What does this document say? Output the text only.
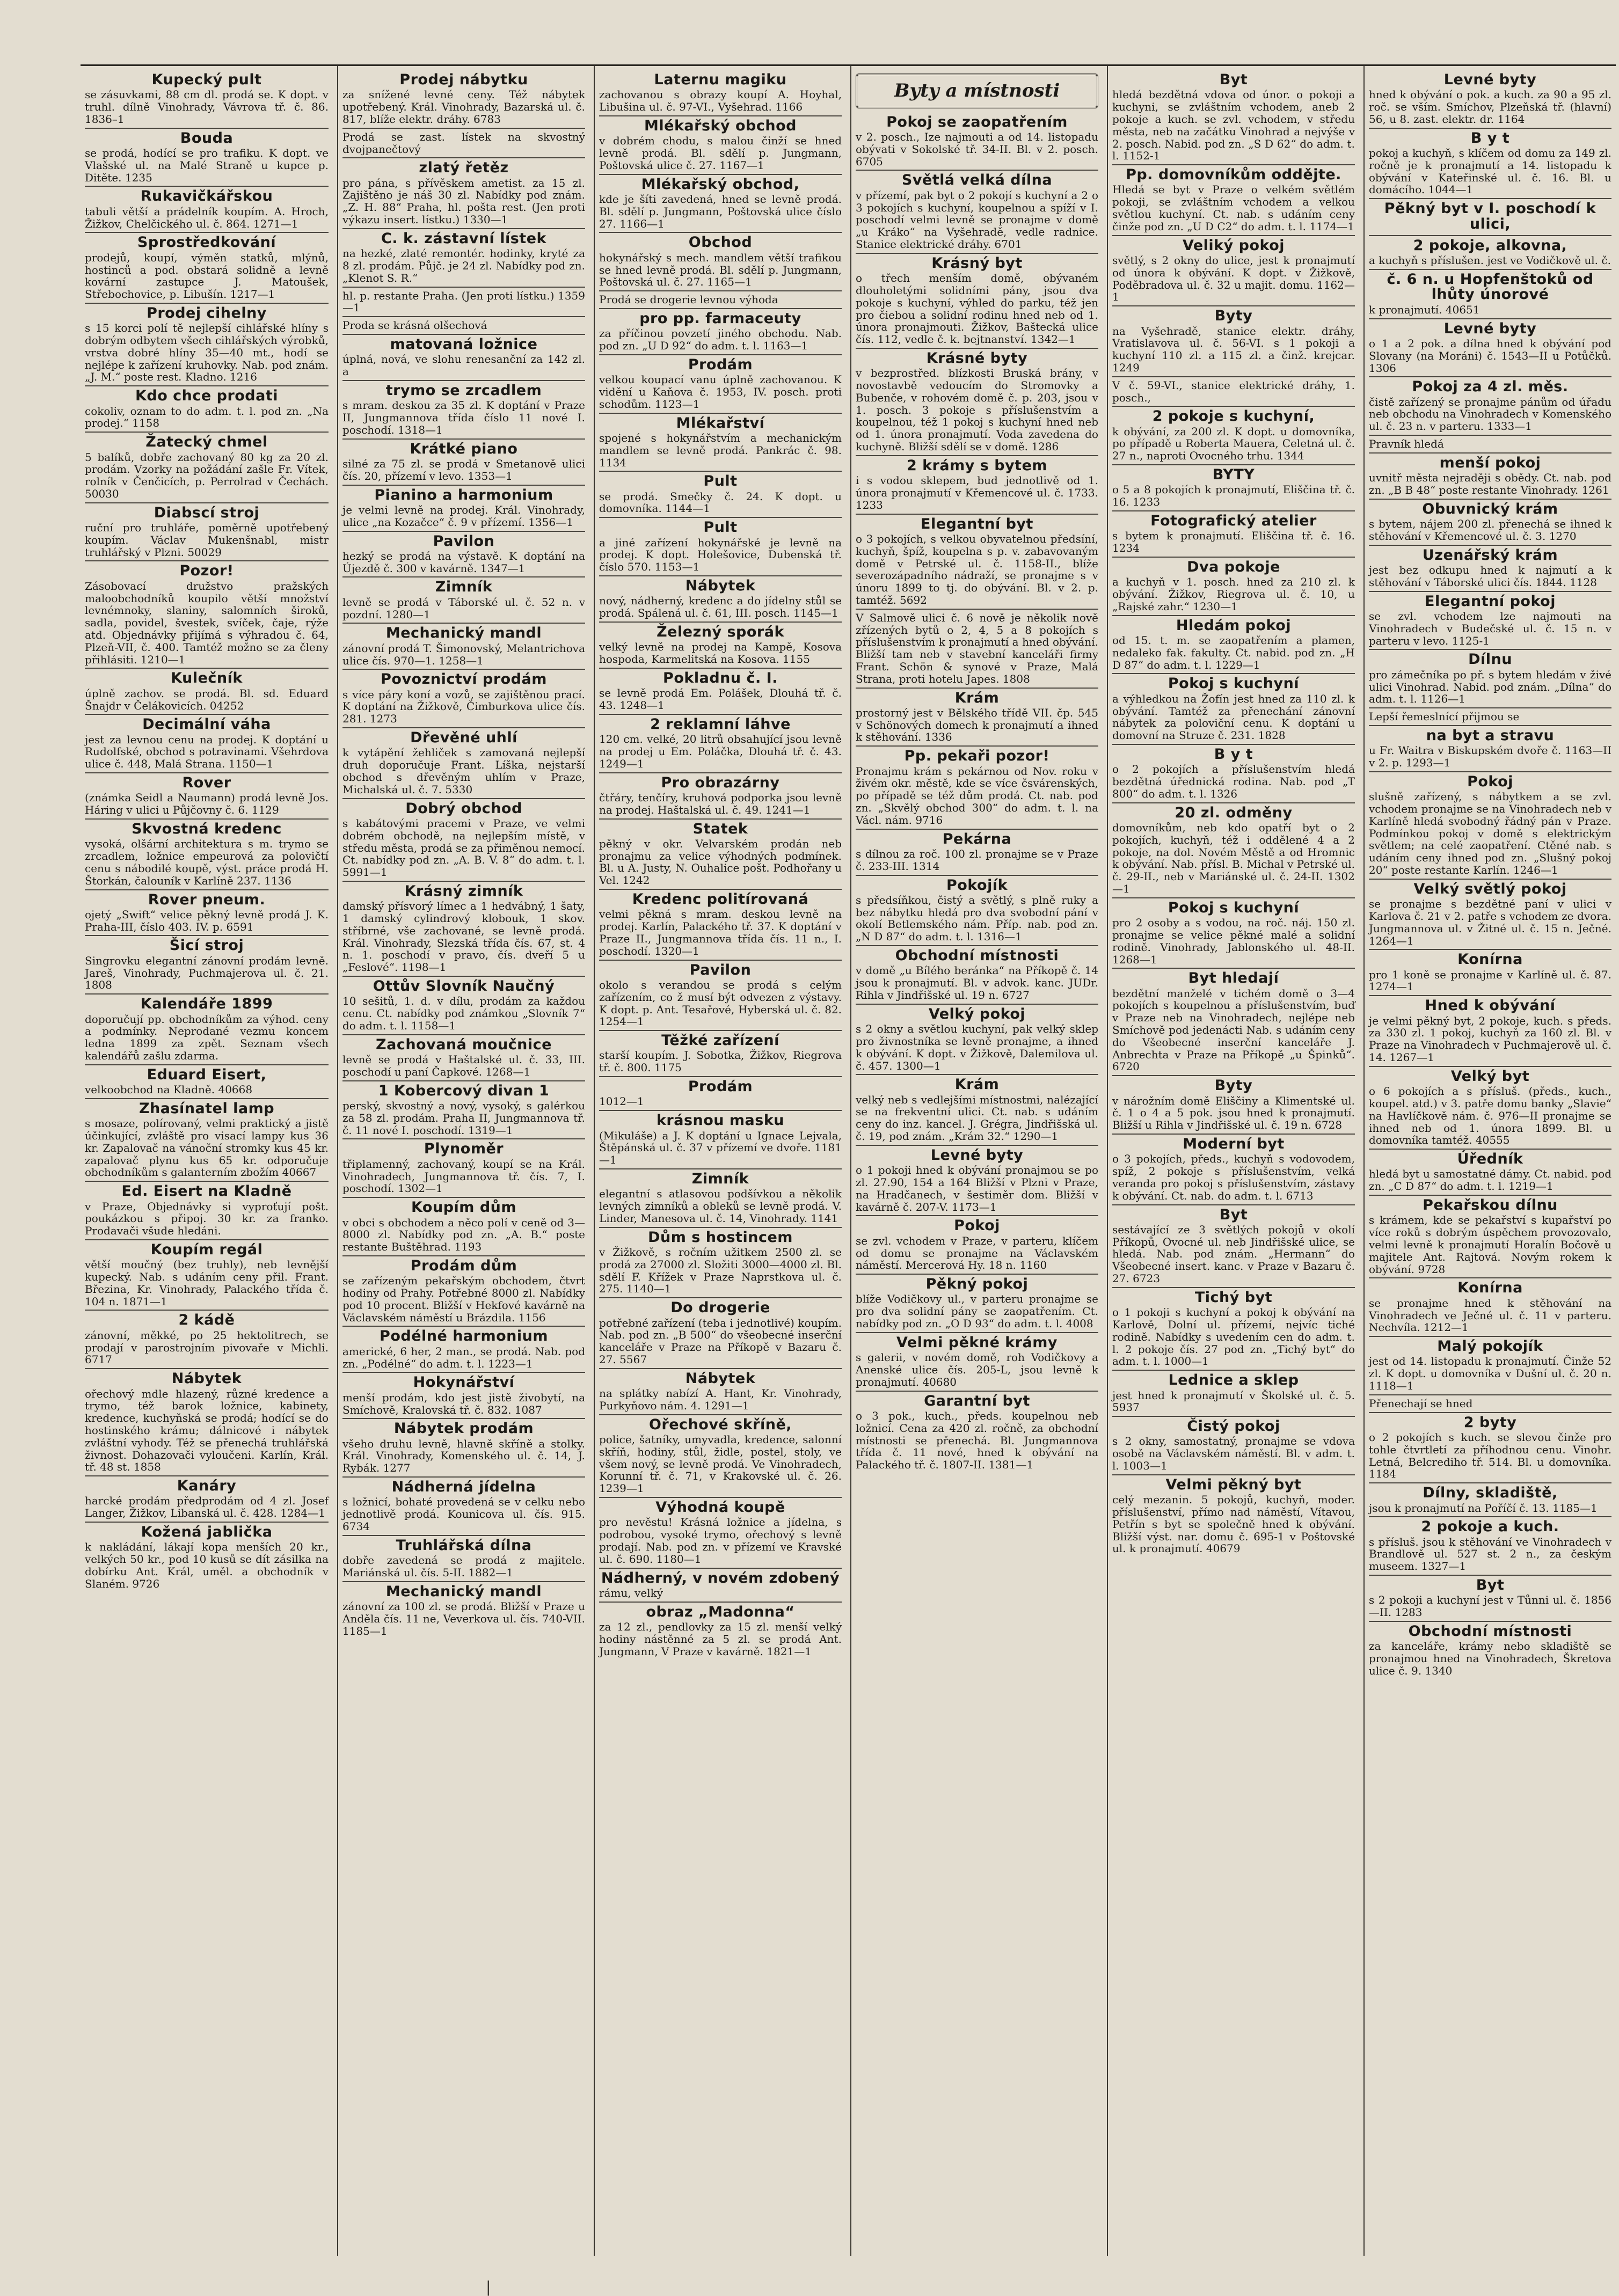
Kupecký pult

se zásuvkami, 88 cm dl. prodá se. K dopt. v truhl. dílně Vinohrady, Vávrova tř. č. 86. 1836–1

Bouda

se prodá, hodící se pro trafiku. K dopt. ve Vlašské ul. na Malé Straně u kupce p. Ditěte. 1235

Rukavičkářskou

tabuli větší a prádelník koupím. A. Hroch, Žižkov, Chelčického ul. č. 864. 1271—1

Sprostředkování

prodejů, koupí, výměn statků, mlýnů, hostinců a pod. obstará solidně a levně kovární zastupce J. Matoušek, Střebochovice, p. Libušín. 1217—1

Prodej cihelny

s 15 korci polí tě nejlepší cihlářské hlíny s dobrým odbytem všech cihlářských výrobků, vrstva dobré hlíny 35—40 mt., hodí se nejlépe k zařízení kruhovky. Nab. pod znám. „J. M.“ poste rest. Kladno. 1216

Kdo chce prodati

cokoliv, oznam to do adm. t. l. pod zn. „Na prodej.“ 1158

Žatecký chmel

5 balíků, dobře zachovaný 80 kg za 20 zl. prodám. Vzorky na požádání zašle Fr. Vítek, rolník v Čenčicích, p. Perrolrad v Čechách. 50030

Diabscí stroj

ruční pro truhláře, poměrně upotřebený koupím. Václav Mukenšnabl, mistr truhlářský v Plzni. 50029

Pozor!

Zásobovací družstvo pražských maloobchodníků koupilo větší množství levnémnoky, slaniny, salomních široků, sadla, povidel, švestek, svíček, čaje, rýže atd. Objednávky přijímá s výhradou č. 64, Plzeň-VII, č. 400. Tamtéž možno se za členy přihlásiti. 1210—1

Kulečník

úplně zachov. se prodá. Bl. sd. Eduard Šnajdr v Čelákovicích. 04252

Decimální váha

jest za levnou cenu na prodej. K doptání u Rudolfské, obchod s potravinami. Všehrdova ulice č. 448, Malá Strana. 1150—1

Rover

(známka Seidl a Naumann) prodá levně Jos. Háring v ulici u Půjčovny č. 6. 1129

Skvostná kredenc

vysoká, olšární architektura s m. trymo se zrcadlem, ložnice empeurová za polovičtí cenu s nábodilé koupě, výst. práce prodá H. Štorkán, čalouník v Karlíně 237. 1136

Rover pneum.

ojetý „Swift“ velice pěkný levně prodá J. K. Praha-III, číslo 403. IV. p. 6591

Šicí stroj

Singrovku elegantní zánovní prodám levně. Jareš, Vinohrady, Puchmajerova ul. č. 21. 1808

Kalendáře 1899

doporučují pp. obchodníkům za výhod. ceny a podmínky. Neprodané vezmu koncem ledna 1899 za zpět. Seznam všech kalendářů zašlu zdarma.

Eduard Eisert,

velkoobchod na Kladně. 40668

Zhasínatel lamp

s mosaze, polírovaný, velmi praktický a jistě účinkující, zvláště pro visací lampy kus 36 kr. Zapalovač na vánoční stromky kus 45 kr. zapalovač plynu kus 65 kr. odporučuje obchodníkům s galanterním zbožím 40667

Ed. Eisert na Kladně

v Praze, Objednávky si vyproťují pošt. poukázkou s připoj. 30 kr. za franko. Prodavači všude hledáni.

Koupím regál

větší moučný (bez truhly), neb levnější kupecký. Nab. s udáním ceny přil. Frant. Březina, Kr. Vinohrady, Palackého třída č. 104 n. 1871—1

2 kádě

zánovní, měkké, po 25 hektolitrech, se prodají v parostrojním pivovaře v Michli. 6717

Nábytek

ořechový mdle hlazený, různé kredence a trymo, též barok ložnice, kabinety, kredence, kuchyňská se prodá; hodící se do hostinského krámu; dálnicové i nábytek zvláštní vyhody. Též se přenechá truhlářská živnost. Dohazovači vyloučeni. Karlín, Král. tř. 48 st. 1858

Kanáry

harcké prodám předprodám od 4 zl. Josef Langer, Žižkov, Libanská ul. č. 428. 1284—1

Kožená jablička

k nakládání, lákají kopa menších 20 kr., velkých 50 kr., pod 10 kusů se dít zásilka na dobírku Ant. Král, uměl. a obchodník v Slaném. 9726

Prodej nábytku

za snížené levné ceny. Též nábytek upotřebený. Král. Vinohrady, Bazarská ul. č. 817, blíže elektr. dráhy. 6783

Prodá se zast. lístek na skvostný dvojpanečtový

zlatý řetěz

pro pána, s přívěskem ametist. za 15 zl. Zajištěno je náš 30 zl. Nabídky pod znám. „Z. H. 88“ Praha, hl. pošta rest. (Jen proti výkazu insert. lístku.) 1330—1

C. k. zástavní lístek

na hezké, zlaté remontér. hodinky, kryté za 8 zl. prodám. Půjč. je 24 zl. Nabídky pod zn. „Klenot S. R.“

hl. p. restante Praha. (Jen proti lístku.) 1359—1

Proda se krásná olšechová

matovaná ložnice

úplná, nová, ve slohu renesanční za 142 zl. a

trymo se zrcadlem

s mram. deskou za 35 zl. K doptání v Praze II, Jungmannova třída číslo 11 nové I. poschodí. 1318—1

Krátké piano

silné za 75 zl. se prodá v Smetanově ulici čís. 20, přízemí v levo. 1353—1

Pianino a harmonium

je velmi levně na prodej. Král. Vinohrady, ulice „na Kozačce“ č. 9 v přízemí. 1356—1

Pavilon

hezký se prodá na výstavě. K doptání na Újezdě č. 300 v kavárně. 1347—1

Zimník

levně se prodá v Táborské ul. č. 52 n. v pozdní. 1280—1

Mechanický mandl

zánovní prodá T. Šimonovský, Melantrichova ulice čís. 970—1. 1258—1

Povoznictví prodám

s více páry koní a vozů, se zajištěnou prací. K doptání na Žižkově, Čimburkova ulice čís. 281. 1273

Dřevěné uhlí

k vytápění žehliček s zamovaná nejlepší druh doporučuje Frant. Líška, nejstarší obchod s dřevěným uhlím v Praze, Michalská ul. č. 7. 5330

Dobrý obchod

s kabátovými pracemi v Praze, ve velmi dobrém obchodě, na nejlepším místě, v středu města, prodá se za přiměnou nemocí. Ct. nabídky pod zn. „A. B. V. 8“ do adm. t. l. 5991—1

Krásný zimník

damský přísvorý límec a 1 hedvábný, 1 šaty, 1 damský cylindrový klobouk, 1 skov. stříbrné, vše zachované, se levně prodá. Král. Vinohrady, Slezská třída čís. 67, st. 4 n. 1. poschodí v pravo, čís. dveří 5 u „Feslové“. 1198—1

Ottův Slovník Naučný

10 sešitů, 1. d. v dílu, prodám za každou cenu. Ct. nabídky pod známkou „Slovník 7“ do adm. t. l. 1158—1

Zachovaná moučnice

levně se prodá v Haštalské ul. č. 33, III. poschodí u paní Čapkové. 1268—1

1 Kobercový divan 1

perský, skvostný a nový, vysoký, s galérkou za 58 zl. prodám. Praha II, Jungmannova tř. č. 11 nové I. poschodí. 1319—1

Plynoměr

třiplamenný, zachovaný, koupí se na Král. Vinohradech, Jungmannova tř. čís. 7, I. poschodí. 1302—1

Koupím dům

v obci s obchodem a něco polí v ceně od 3—8000 zl. Nabídky pod zn. „A. B.“ poste restante Buštěhrad. 1193

Prodám dům

se zařízeným pekařským obchodem, čtvrt hodiny od Prahy. Potřebné 8000 zl. Nabídky pod 10 procent. Bližší v Hekfové kavárně na Václavském náměstí u Brázdila. 1156

Podélné harmonium

americké, 6 her, 2 man., se prodá. Nab. pod zn. „Podélné“ do adm. t. l. 1223—1

Hokynářství

menší prodám, kdo jest jistě živobytí, na Smíchově, Kralovská tř. č. 832. 1087

Nábytek prodám

všeho druhu levně, hlavně skříně a stolky. Král. Vinohrady, Komenského ul. č. 14, J. Rybák. 1277

Nádherná jídelna

s ložnicí, bohaté provedená se v celku nebo jednotlivě prodá. Kounicova ul. čís. 915. 6734

Truhlářská dílna

dobře zavedená se prodá z majitele. Mariánská ul. čís. 5-II. 1882—1

Mechanický mandl

zánovní za 100 zl. se prodá. Bližší v Praze u Anděla čís. 11 ne, Veverkova ul. čís. 740-VII. 1185—1

Laternu magiku

zachovanou s obrazy koupí A. Hoyhal, Libušina ul. č. 97-VI., Vyšehrad. 1166

Mlékařský obchod

v dobrém chodu, s malou činží se hned levně prodá. Bl. sdělí p. Jungmann, Poštovská ulice č. 27. 1167—1

Mlékařský obchod,

kde je šíti zavedená, hned se levně prodá. Bl. sdělí p. Jungmann, Poštovská ulice číslo 27. 1166—1

Obchod

hokynářský s mech. mandlem větší trafikou se hned levně prodá. Bl. sdělí p. Jungmann, Poštovská ul. č. 27. 1165—1

Prodá se drogerie levnou výhoda

pro pp. farmaceuty

za příčinou povzetí jiného obchodu. Nab. pod zn. „U D 92“ do adm. t. l. 1163—1

Prodám

velkou koupací vanu úplně zachovanou. K vidění u Kaňova č. 1953, IV. posch. proti schodům. 1123—1

Mlékařství

spojené s hokynářstvím a mechanickým mandlem se levně prodá. Pankrác č. 98. 1134

Pult

se prodá. Smečky č. 24. K dopt. u domovníka. 1144—1

Pult

a jiné zařízení hokynářské je levně na prodej. K dopt. Holešovice, Dubenská tř. číslo 570. 1153—1

Nábytek

nový, nádherný, kredenc a do jídelny stůl se prodá. Spálená ul. č. 61, III. posch. 1145—1

Železný sporák

velký levně na prodej na Kampě, Kosova hospoda, Karmelitská na Kosova. 1155

Pokladnu č. I.

se levně prodá Em. Polášek, Dlouhá tř. č. 43. 1248—1

2 reklamní láhve

120 cm. velké, 20 litrů obsahující jsou levně na prodej u Em. Poláčka, Dlouhá tř. č. 43. 1249—1

Pro obrazárny

čtřáry, tenčíry, kruhová podporka jsou levně na prodej. Haštalská ul. č. 49. 1241—1

Statek

pěkný v okr. Velvarském prodán neb pronajmu za velice výhodných podmínek. Bl. u A. Justy, N. Ouhalice pošt. Podhořany u Vel. 1242

Kredenc politírovaná

velmi pěkná s mram. deskou levně na prodej. Karlín, Palackého tř. 37. K doptání v Praze II., Jungmannova třída čís. 11 n., I. poschodí. 1320—1

Pavilon

okolo s verandou se prodá s celým zařízením, co ž musí být odvezen z výstavy. K dopt. p. Ant. Tesařové, Hyberská ul. č. 82. 1254—1

Těžké zařízení

starší koupím. J. Sobotka, Žižkov, Riegrova tř. č. 800. 1175

Prodám

1012—1

krásnou masku

(Mikuláše) a J. K doptání u Ignace Lejvala, Štěpánská ul. č. 37 v přízemí ve dvoře. 1181—1

Zimník

elegantní s atlasovou podšívkou a několik levných zimníků a obleků se levně prodá. V. Linder, Manesova ul. č. 14, Vinohrady. 1141

Dům s hostincem

v Žižkově, s ročním užitkem 2500 zl. se prodá za 27000 zl. Složiti 3000—4000 zl. Bl. sdělí F. Křížek v Praze Naprstkova ul. č. 275. 1140—1

Do drogerie

potřebné zařízení (teba i jednotlivé) koupím. Nab. pod zn. „B 500“ do všeobecné inserční kanceláře v Praze na Příkopě v Bazaru č. 27. 5567

Nábytek

na splátky nabízí A. Hant, Kr. Vinohrady, Purkyňovo nám. 4. 1291—1

Ořechové skříně,

police, šatníky, umyvadla, kredence, salonní skříň, hodiny, stůl, židle, postel, stoly, ve všem nový, se levně prodá. Ve Vinohradech, Korunní tř. č. 71, v Krakovské ul. č. 26. 1239—1

Výhodná koupě

pro nevěstu! Krásná ložnice a jídelna, s podrobou, vysoké trymo, ořechový s levně prodají. Nab. pod zn. v přízemí ve Kravské ul. č. 690. 1180—1

Nádherný, v novém zdobený

rámu, velký

obraz „Madonna“

za 12 zl., pendlovky za 15 zl. menší velký hodiny nástěnné za 5 zl. se prodá Ant. Jungmann, V Praze v kavárně. 1821—1

Byty a místnosti
Pokoj se zaopatřením

v 2. posch., Ize najmouti a od 14. listopadu obývati v Sokolské tř. 34-II. Bl. v 2. posch. 6705

Světlá velká dílna

v přízemí, pak byt o 2 pokojí s kuchyní a 2 o 3 pokojích s kuchyní, koupelnou a spíží v I. poschodí velmi levně se pronajme v domě „u Kráko“ na Vyšehradě, vedle radnice. Stanice elektrické dráhy. 6701

Krásný byt

o třech menším domě, obývaném dlouholetými solidními pány, jsou dva pokoje s kuchyní, výhled do parku, též jen pro čiebou a solidní rodinu hned neb od 1. února pronajmouti. Žižkov, Baštecká ulice čís. 112, vedle č. k. bejtnanství. 1342—1

Krásné byty

v bezprostřed. blízkosti Bruská brány, v novostavbě vedoucím do Stromovky a Bubenče, v rohovém domě č. p. 203, jsou v 1. posch. 3 pokoje s příslušenstvím a koupelnou, též 1 pokoj s kuchyní hned neb od 1. února pronajmutí. Voda zavedena do kuchyně. Bližší sdělí se v domě. 1286

2 krámy s bytem

i s vodou sklepem, bud jednotlivě od 1. února pronajmutí v Křemencové ul. č. 1733. 1233

Elegantní byt

o 3 pokojích, s velkou obyvatelnou předsíní, kuchyň, špíž, koupelna s p. v. zabavovaným domě v Petrské ul. č. 1158-II., blíže severozápadního nádraží, se pronajme s v únoru 1899 to tj. do obývání. Bl. v 2. p. tamtéž. 5692

V Salmově ulici č. 6 nově je několik nově zřízených bytů o 2, 4, 5 a 8 pokojích s příslušenstvím k pronajmutí a hned obývání. Bližší tam neb v stavební kanceláři firmy Frant. Schön & synové v Praze, Malá Strana, proti hotelu Japes. 1808

Krám

prostorný jest v Bělského třídě VII. čp. 545 v Schönových domech k pronajmutí a ihned k stěhování. 1336

Pp. pekaři pozor!

Pronajmu krám s pekárnou od Nov. roku v živém okr. městě, kde se více čsvárenských, po případě se též dům prodá. Ct. nab. pod zn. „Skvělý obchod 300“ do adm. t. l. na Václ. nám. 9716

Pekárna

s dílnou za roč. 100 zl. pronajme se v Praze č. 233-III. 1314

Pokojík

s předsíňkou, čistý a světlý, s plně ruky a bez nábytku hledá pro dva svobodní pání v okolí Betlemského nám. Příp. nab. pod zn. „N D 87“ do adm. t. l. 1316—1

Obchodní místnosti

v domě „u Bílého beránka“ na Příkopě č. 14 jsou k pronajmutí. Bl. v advok. kanc. JUDr. Rihla v Jindřišské ul. 19 n. 6727

Velký pokoj

s 2 okny a světlou kuchyní, pak velký sklep pro živnostníka se levně pronajme, a ihned k obývání. K dopt. v Žižkově, Dalemilova ul. č. 457. 1300—1

Krám

velký neb s vedlejšími místnostmi, nalézající se na frekventní ulici. Ct. nab. s udáním ceny do inz. kancel. J. Grégra, Jindřišská ul. č. 19, pod znám. „Krám 32.“ 1290—1

Levné byty

o 1 pokoji hned k obývání pronajmou se po zl. 27.90, 154 a 164 Bližší v Plzni v Praze, na Hradčanech, v šestiměr dom. Bližší v kavárně č. 207-V. 1173—1

Pokoj

se zvl. vchodem v Praze, v parteru, klíčem od domu se pronajme na Václavském náměstí. Mercerová Hy. 18 n. 1160

Pěkný pokoj

blíže Vodičkovy ul., v parteru pronajme se pro dva solidní pány se zaopatřením. Ct. nabídky pod zn. „O D 93“ do adm. t. l. 4008

Velmi pěkné krámy

s galerii, v novém domě, roh Vodičkovy a Anenské ulice čís. 205-L, jsou levně k pronajmutí. 40680

Garantní byt

o 3 pok., kuch., předs. koupelnou neb ložnicí. Cena za 420 zl. ročně, za obchodní místnosti se přenechá. Bl. Jungmannova třída č. 11 nové, hned k obývání na Palackého tř. č. 1807-II. 1381—1

Byt

hledá bezdětná vdova od únor. o pokoji a kuchyni, se zvláštním vchodem, aneb 2 pokoje a kuch. se zvl. vchodem, v středu města, neb na začátku Vinohrad a nejvýše v 2. posch. Nabid. pod zn. „S D 62“ do adm. t. l. 1152-1

Pp. domovníkům oddějte.

Hledá se byt v Praze o velkém světlém pokoji, se zvláštním vchodem a velkou světlou kuchyní. Ct. nab. s udáním ceny činže pod zn. „U D C2“ do adm. t. l. 1174—1

Veliký pokoj

světlý, s 2 okny do ulice, jest k pronajmutí od února k obývání. K dopt. v Žižkově, Poděbradova ul. č. 32 u majit. domu. 1162—1

Byty

na Vyšehradě, stanice elektr. dráhy, Vratislavova ul. č. 56-VI. s 1 pokoji a kuchyní 110 zl. a 115 zl. a činž. krejcar. 1249

V č. 59-VI., stanice elektrické dráhy, 1. posch.,

2 pokoje s kuchyní,

k obývání, za 200 zl. K dopt. u domovníka, po případě u Roberta Mauera, Celetná ul. č. 27 n., naproti Ovocného trhu. 1344

BYTY

o 5 a 8 pokojích k pronajmutí, Eliščina tř. č. 16. 1233

Fotografický atelier

s bytem k pronajmutí. Eliščina tř. č. 16. 1234

Dva pokoje

a kuchyň v 1. posch. hned za 210 zl. k obývání. Žižkov, Riegrova ul. č. 10, u „Rajské zahr.“ 1230—1

Hledám pokoj

od 15. t. m. se zaopatřením a plamen, nedaleko fak. fakulty. Ct. nabid. pod zn. „H D 87“ do adm. t. l. 1229—1

Pokoj s kuchyní

a výhledkou na Žofín jest hned za 110 zl. k obývání. Tamtéž za přenechání zánovní nábytek za poloviční cenu. K doptání u domovní na Struze č. 231. 1828

B y t

o 2 pokojích a příslušenstvím hledá bezdětná úřednická rodina. Nab. pod „T 800“ do adm. t. l. 1326

20 zl. odměny

domovníkům, neb kdo opatří byt o 2 pokojích, kuchyň, též i oddělené 4 a 2 pokoje, na dol. Novém Městě a od Hromnic k obývání. Nab. přísl. B. Michal v Petrské ul. č. 29-II., neb v Mariánské ul. č. 24-II. 1302—1

Pokoj s kuchyní

pro 2 osoby a s vodou, na roč. náj. 150 zl. pronajme se velice pěkné malé a solidní rodině. Vinohrady, Jablonského ul. 48-II. 1268—1

Byt hledají

bezdětní manželé v tichém domě o 3—4 pokojích s koupelnou a příslušenstvím, buď v Praze neb na Vinohradech, nejlépe neb Smíchově pod jedenácti Nab. s udáním ceny do Všeobecné inserční kanceláře J. Anbrechta v Praze na Příkopě „u Špinků“. 6720

Byty

v nárožním domě Eliščiny a Klimentské ul. č. 1 o 4 a 5 pok. jsou hned k pronajmutí. Bližší u Rihla v Jindřišské ul. č. 19 n. 6728

Moderní byt

o 3 pokojích, předs., kuchyň s vodovodem, spíž, 2 pokoje s příslušenstvím, velká veranda pro pokoj s příslušenstvím, zástavy k obývání. Ct. nab. do adm. t. l. 6713

Byt

sestávající ze 3 světlých pokojů v okolí Příkopů, Ovocné ul. neb Jindřišské ulice, se hledá. Nab. pod znám. „Hermann“ do Všeobecné insert. kanc. v Praze v Bazaru č. 27. 6723

Tichý byt

o 1 pokoji s kuchyní a pokoj k obývání na Karlově, Dolní ul. přízemí, nejvíc tiché rodině. Nabídky s uvedením cen do adm. t. l. 2 pokoje čís. 27 pod zn. „Tichý byt“ do adm. t. l. 1000—1

Lednice a sklep

jest hned k pronajmutí v Školské ul. č. 5. 5937

Čistý pokoj

s 2 okny, samostatný, pronajme se vdova osobě na Václavském náměstí. Bl. v adm. t. l. 1003—1

Velmi pěkný byt

celý mezanin. 5 pokojů, kuchyň, moder. příslušenství, přímo nad náměstí, Vítavou, Petřín s byt se společně hned k obývání. Bližší výst. nar. domu č. 695-1 v Poštovské ul. k pronajmutí. 40679

Levné byty

hned k obývání o pok. a kuch. za 90 a 95 zl. roč. se vším. Smíchov, Plzeňská tř. (hlavní) 56, u 8. zast. elektr. dr. 1164

B y t

pokoj a kuchyň, s klíčem od domu za 149 zl. ročně je k pronajmutí a 14. listopadu k obývání v Kateřinské ul. č. 16. Bl. u domácího. 1044—1

Pěkný byt v I. poschodí k ulici,
2 pokoje, alkovna,

a kuchyň s příslušen. jest ve Vodičkově ul. č.

č. 6 n. u Hopfenštoků od lhůty únorové

k pronajmutí. 40651

Levné byty

o 1 a 2 pok. a dílna hned k obývání pod Slovany (na Moráni) č. 1543—II u Potůčků. 1306

Pokoj za 4 zl. měs.

čistě zařízený se pronajme pánům od úřadu neb obchodu na Vinohradech v Komenského ul. č. 23 n. v parteru. 1333—1

Pravník hledá

menší pokoj

uvnitř města nejraději s obědy. Ct. nab. pod zn. „B B 48“ poste restante Vinohrady. 1261

Obuvnický krám

s bytem, nájem 200 zl. přenechá se ihned k stěhování v Křemencové ul. č. 3. 1270

Uzenářský krám

jest bez odkupu hned k najmutí a k stěhování v Táborské ulici čís. 1844. 1128

Elegantní pokoj

se zvl. vchodem lze najmouti na Vinohradech v Budečské ul. č. 15 n. v parteru v levo. 1125-1

Dílnu

pro zámečníka po př. s bytem hledám v živé ulici Vinohrad. Nabid. pod znám. „Dílna“ do adm. t. l. 1126—1

Lepší řemeslnící přijmou se

na byt a stravu

u Fr. Waitra v Biskupském dvoře č. 1163—II v 2. p. 1293—1

Pokoj

slušně zařízený, s nábytkem a se zvl. vchodem pronajme se na Vinohradech neb v Karlíně hledá svobodný řádný pán v Praze. Podmínkou pokoj v domě s elektrickým světlem; na celé zaopatření. Ctěné nab. s udáním ceny ihned pod zn. „Slušný pokoj 20“ poste restante Karlín. 1246—1

Velký světlý pokoj

se pronajme s bezdětné paní v ulici v Karlova č. 21 v 2. patře s vchodem ze dvora. Jungmannova ul. v Žitné ul. č. 15 n. Ječné. 1264—1

Konírna

pro 1 koně se pronajme v Karlíně ul. č. 87. 1274—1

Hned k obývání

je velmi pěkný byt, 2 pokoje, kuch. s předs. za 330 zl. 1 pokoj, kuchyň za 160 zl. Bl. v Praze na Vinohradech v Puchmajerově ul. č. 14. 1267—1

Velký byt

o 6 pokojích a s přísluš. (předs., kuch., koupel. atd.) v 3. patře domu banky „Slavie“ na Havlíčkově nám. č. 976—II pronajme se ihned neb od 1. února 1899. Bl. u domovníka tamtéž. 40555

Úředník

hledá byt u samostatné dámy. Ct. nabid. pod zn. „C D 87“ do adm. t. l. 1219—1

Pekařskou dílnu

s krámem, kde se pekařství s kupařství po více roků s dobrým úspěchem provozovalo, velmi levně k pronajmutí Horalín Bočově u majitele Ant. Rajtová. Novým rokem k obývání. 9728

Konírna

se pronajme hned k stěhování na Vinohradech ve Ječné ul. č. 11 v parteru. Nechvíla. 1212—1

Malý pokojík

jest od 14. listopadu k pronajmutí. Činže 52 zl. K dopt. u domovníka v Dušní ul. č. 20 n. 1118—1

Přenechají se hned

2 byty

o 2 pokojích s kuch. se slevou činže pro tohle čtvrtletí za příhodnou cenu. Vinohr. Letná, Belcrediho tř. 514. Bl. u domovníka. 1184

Dílny, skladiště,

jsou k pronajmutí na Poříčí č. 13. 1185—1

2 pokoje a kuch.

s přísluš. jsou k stěhování ve Vinohradech v Brandlově ul. 527 st. 2 n., za českým museem. 1327—1

Byt

s 2 pokoji a kuchyní jest v Tůnni ul. č. 1856—II. 1283

Obchodní místnosti

za kanceláře, krámy nebo skladiště se pronajmou hned na Vinohradech, Škretova ulice č. 9. 1340

|
